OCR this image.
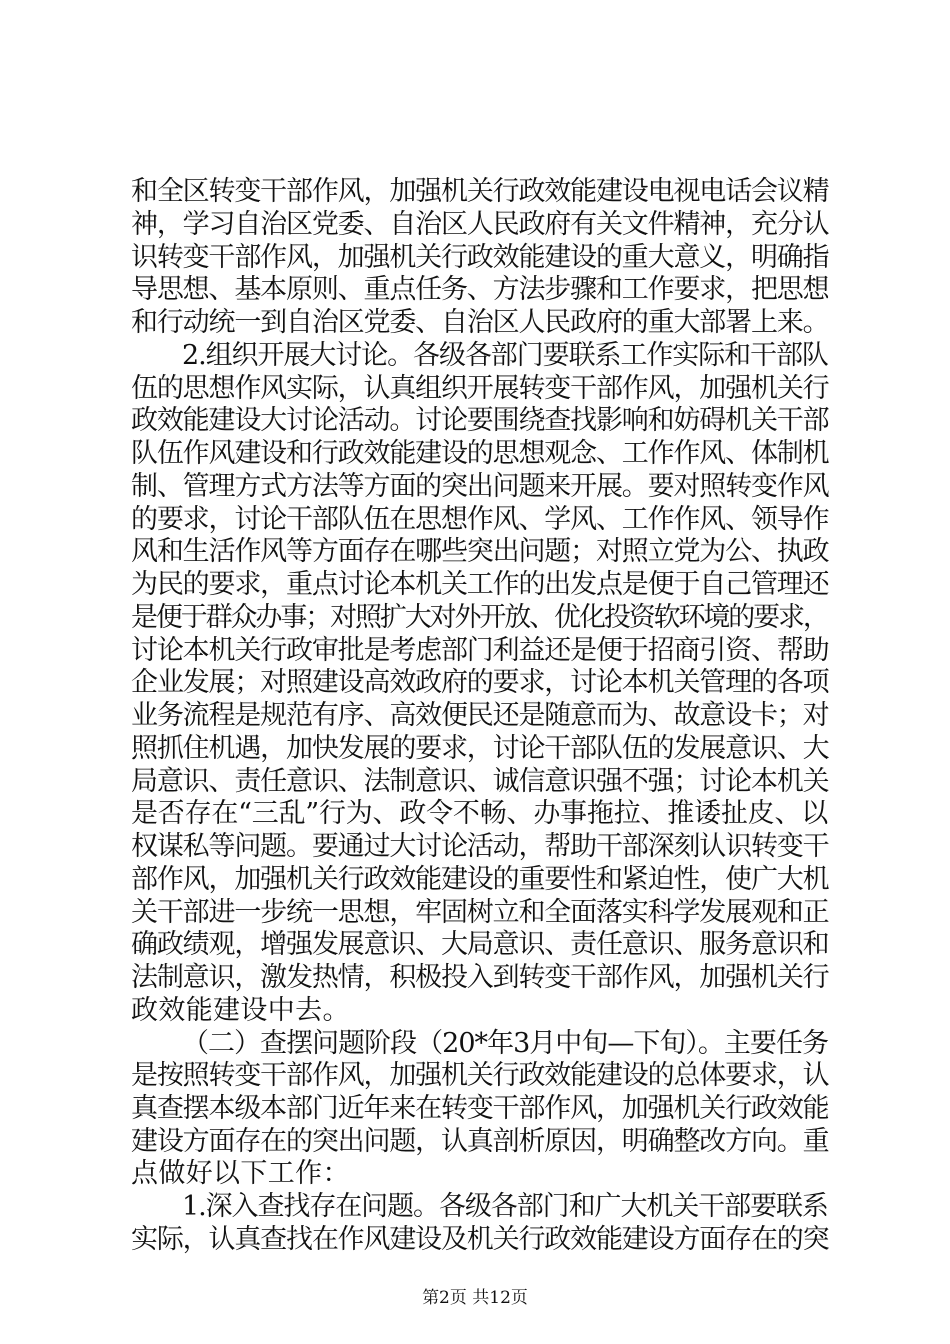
和全区转变干部作风，加强机关行政效能建设电视电话会议精
神，学习自治区党委、自治区人民政府有关文件精神，充分认
识转变干部作风，加强机关行政效能建设的重大意义，明确指
导思想、基本原则、重点任务、方法步骤和工作要求，把思想
和行动统一到自治区党委、自治区人民政府的重大部署上来。
2.组织开展大讨论。各级各部门要联系工作实际和干部队
伍的思想作风实际，认真组织开展转变干部作风，加强机关行
政效能建设大讨论活动。讨论要围绕查找影响和妨碍机关干部
队伍作风建设和行政效能建设的思想观念、工作作风、体制机
制、管理方式方法等方面的突出问题来开展。要对照转变作风
的要求，讨论干部队伍在思想作风、学风、工作作风、领导作
风和生活作风等方面存在哪些突出问题；对照立党为公、执政
为民的要求，重点讨论本机关工作的出发点是便于自己管理还
是便于群众办事；对照扩大对外开放、优化投资软环境的要求，
讨论本机关行政审批是考虑部门利益还是便于招商引资、帮助
企业发展；对照建设高效政府的要求，讨论本机关管理的各项
业务流程是规范有序、高效便民还是随意而为、故意设卡；对
照抓住机遇，加快发展的要求，讨论干部队伍的发展意识、大
局意识、责任意识、法制意识、诚信意识强不强；讨论本机关
是否存在“三乱”行为、政令不畅、办事拖拉、推诿扯皮、以
权谋私等问题。要通过大讨论活动，帮助干部深刻认识转变干
部作风，加强机关行政效能建设的重要性和紧迫性，使广大机
关干部进一步统一思想，牢固树立和全面落实科学发展观和正
确政绩观，增强发展意识、大局意识、责任意识、服务意识和
法制意识，激发热情，积极投入到转变干部作风，加强机关行
政效能建设中去。
（二）查摆问题阶段（20*年3月中旬—下旬）。主要任务
是按照转变干部作风，加强机关行政效能建设的总体要求，认
真查摆本级本部门近年来在转变干部作风，加强机关行政效能
建设方面存在的突出问题，认真剖析原因，明确整改方向。重
点做好以下工作：
1.深入查找存在问题。各级各部门和广大机关干部要联系
实际，认真查找在作风建设及机关行政效能建设方面存在的突
第2页 共12页
